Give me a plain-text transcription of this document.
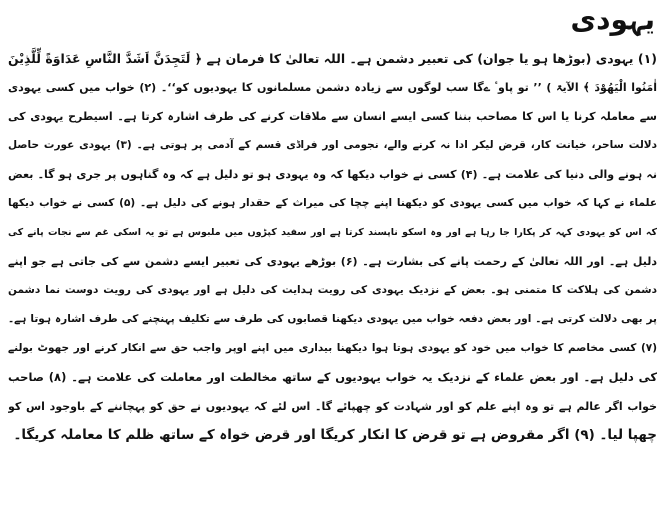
یہودی
(۱) یہودی (بوڑھا ہو یا جوان) کی تعبیر دشمن ہے۔ اللہ تعالیٰ کا فرمان ہے ﴿ لَتَجِدَنَّ اَشَدَّ النَّاسِ عَدَاوَةً لِّلَّذِيْنَ
اٰمَنُوا الْيَهُوْدَ ﴾ الآیۃ ) ’’ تو پاوٴ ےگا سب لوگوں سے زیادہ دشمن مسلمانوں کا یہودیوں کو‘‘۔ (۲) خواب میں کسی یہودی
سے معاملہ کرنا یا اس کا مصاحب بننا کسی ایسے انسان سے ملاقات کرنے کی طرف اشارہ کرتا ہے۔ اسیطرح یہودی کی
دلالت ساحر، خیانت کار، قرض لیکر ادا نہ کرنے والے، نجومی اور فراڈی قسم کے آدمی پر ہوتی ہے۔ (۳) یہودی عورت حاصل
نہ ہونے والی دنیا کی علامت ہے۔ (۴) کسی نے خواب دیکھا کہ وہ یہودی ہو تو دلیل ہے کہ وہ گناہوں پر جری ہو گا۔ بعض
علماء نے کہا کہ خواب میں کسی یہودی کو دیکھنا اپنے چچا کی میراث کے حقدار ہونے کی دلیل ہے۔ (۵) کسی نے خواب دیکھا
کہ اس کو یہودی کہہ کر پکارا جا رہا ہے اور وہ اسکو ناپسند کرتا ہے اور سفید کپڑوں میں ملبوس ہے تو یہ اسکی غم سے نجات پانے کی
دلیل ہے۔ اور اللہ تعالیٰ کے رحمت پانے کی بشارت ہے۔ (۶) بوڑھے یہودی کی تعبیر ایسے دشمن سے کی جاتی ہے جو اپنے
دشمن کی ہلاکت کا متمنی ہو۔ بعض کے نزدیک یہودی کی رویت ہدایت کی دلیل ہے اور یہودی کی رویت دوست نما دشمن
پر بھی دلالت کرتی ہے۔ اور بعض دفعہ خواب میں یہودی دیکھنا قصابوں کی طرف سے تکلیف پہنچنے کی طرف اشارہ ہوتا ہے۔
(۷) کسی مخاصم کا خواب میں خود کو یہودی ہوتا ہوا دیکھنا بیداری میں اپنے اوپر واجب حق سے انکار کرنے اور جھوٹ بولنے
کی دلیل ہے۔ اور بعض علماء کے نزدیک یہ خواب یہودیوں کے ساتھ مخالطت اور معاملت کی علامت ہے۔ (۸) صاحب
خواب اگر عالم ہے تو وہ اپنے علم کو اور شہادت کو چھپائے گا۔ اس لئے کہ یہودیوں نے حق کو پہچاننے کے باوجود اس کو
چھپا لیا۔ (۹) اگر مقروض ہے تو قرض کا انکار کریگا اور قرض خواہ کے ساتھ ظلم کا معاملہ کریگا۔
